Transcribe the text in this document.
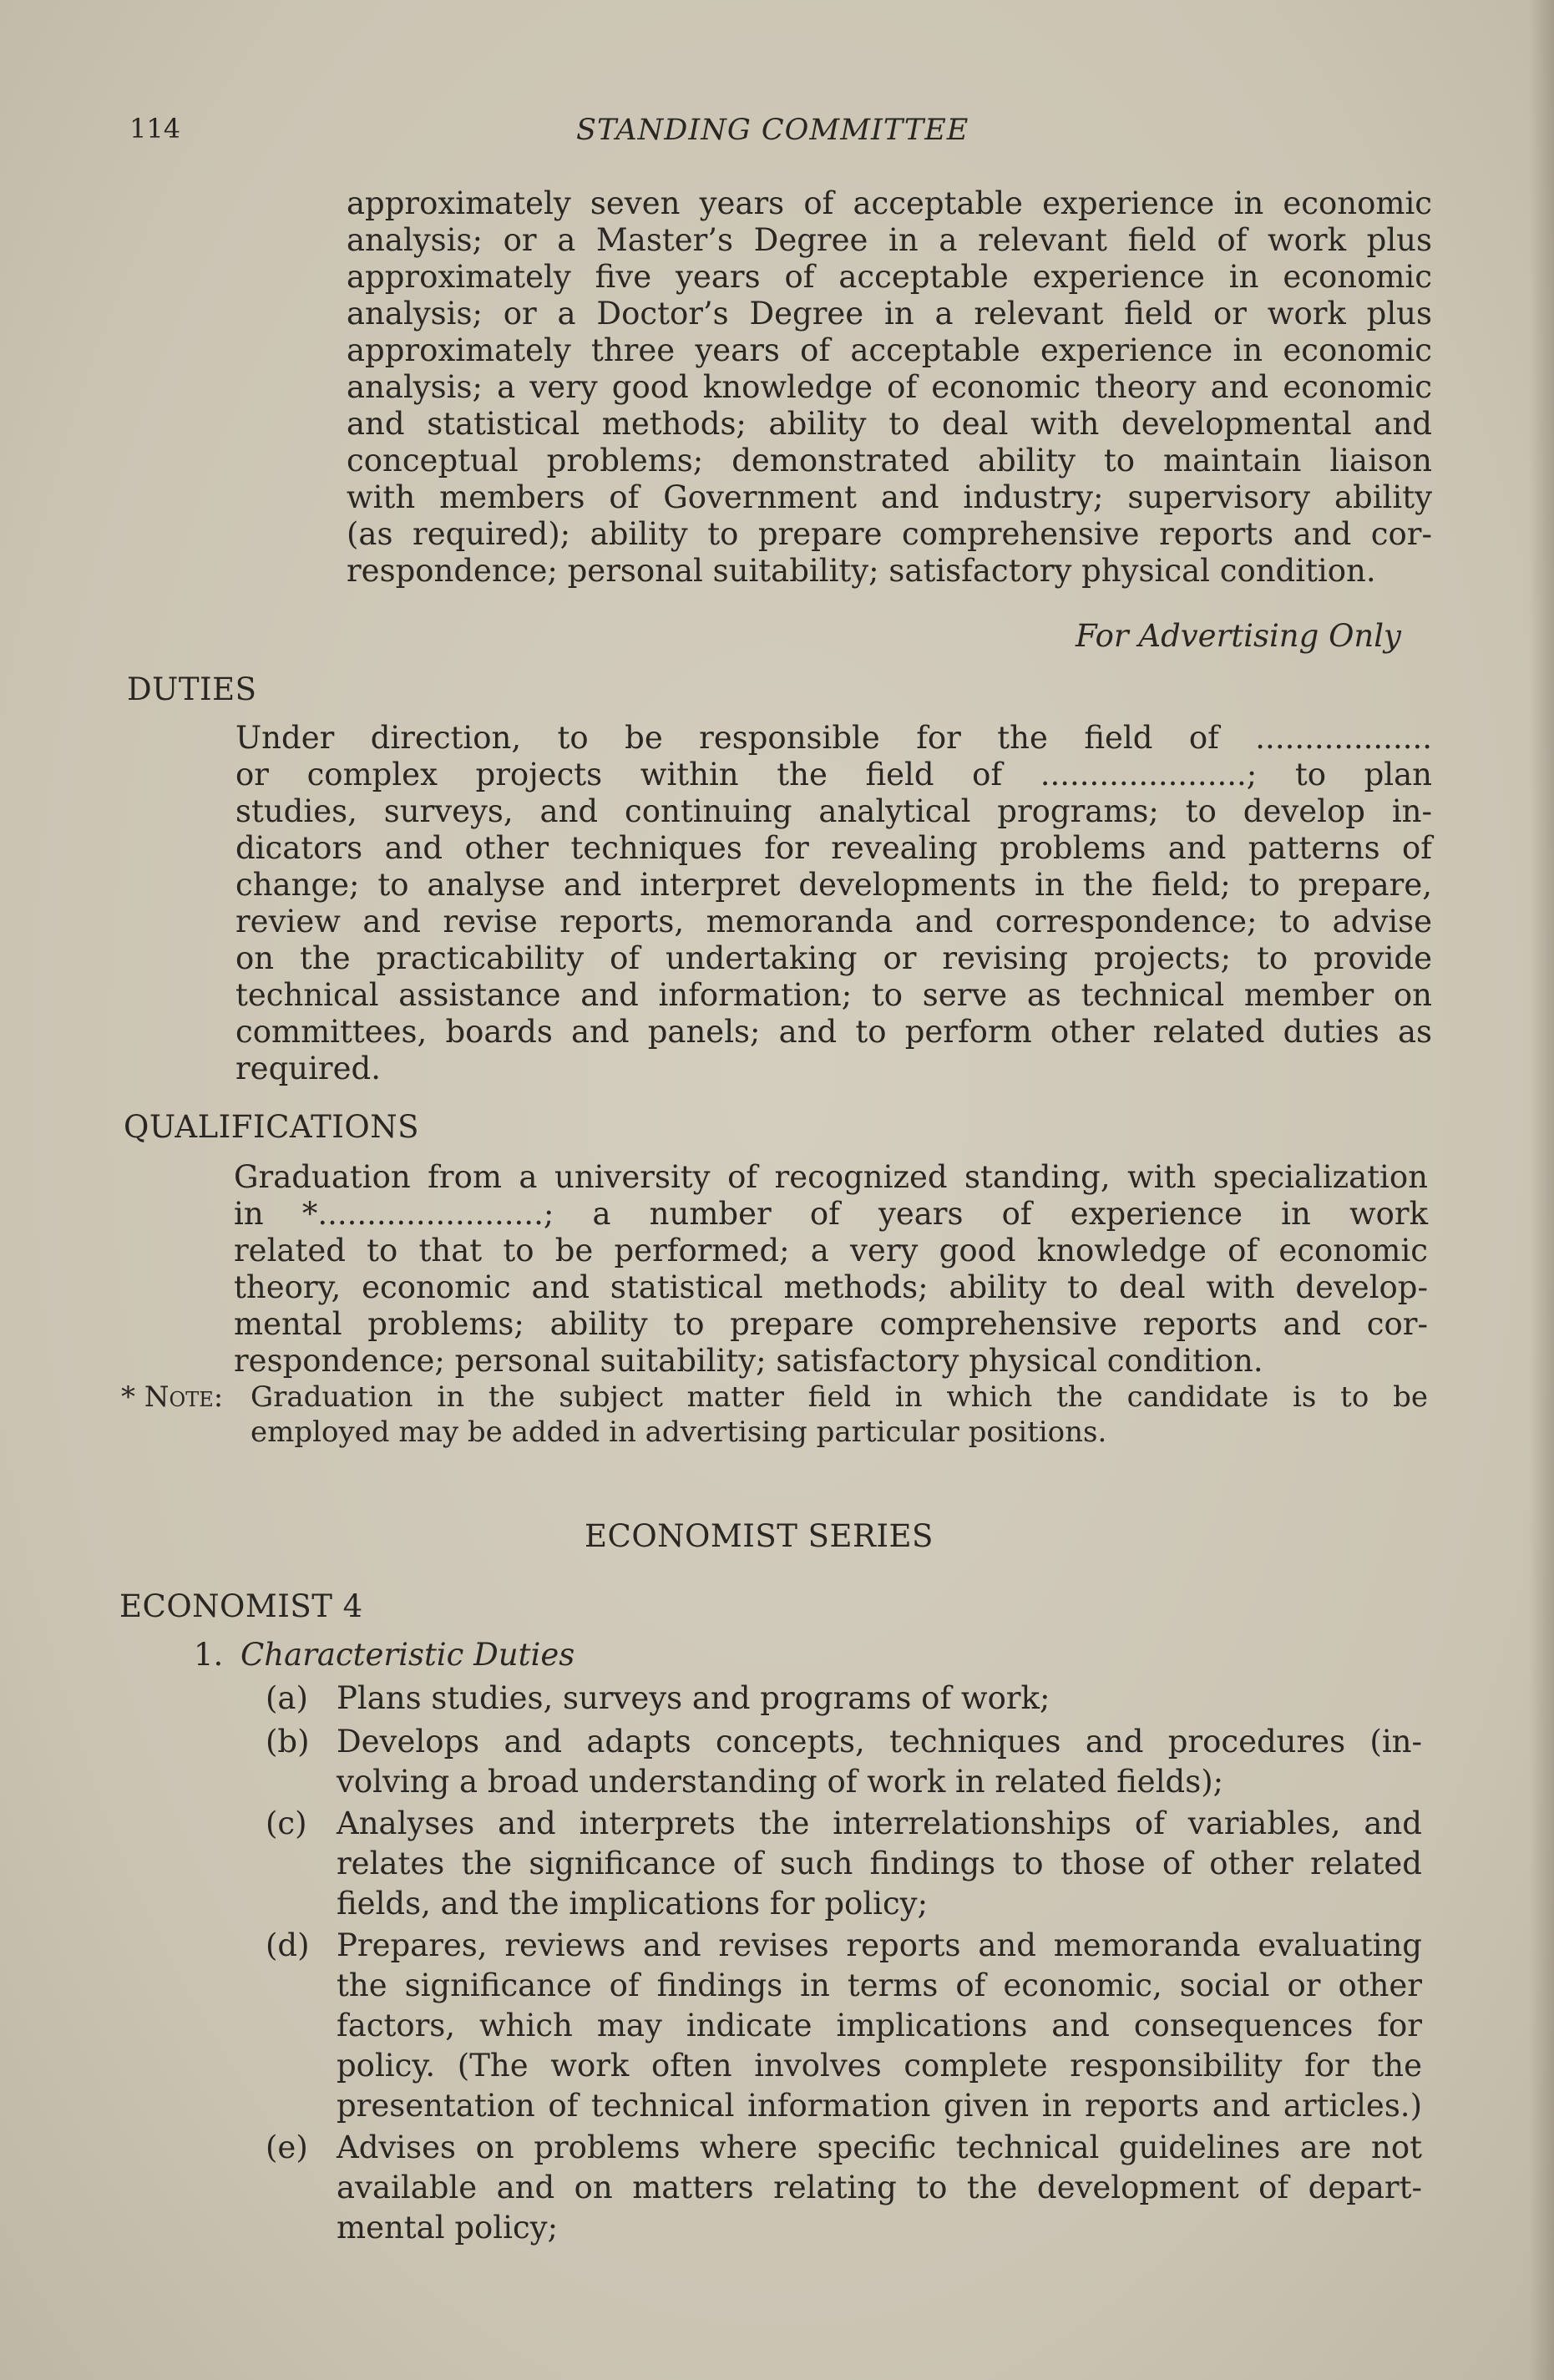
114	STANDING COMMITTEE
approximately seven years of acceptable experience in economic
analysis; or a Master’s Degree in a relevant field of work plus
approximately five years of acceptable experience in economic
analysis; or a Doctor’s Degree in a relevant field or work plus
approximately three years of acceptable experience in economic
analysis; a very good knowledge of economic theory and economic
and statistical methods; ability to deal with developmental and
conceptual problems; demonstrated ability to maintain liaison
with members of Government and industry; supervisory ability
(as required); ability to prepare comprehensive reports and cor-
respondence; personal suitability; satisfactory physical condition.
For Advertising Only
DUTIES
Under direction, to be responsible for the field of ..................
or complex projects within the field of .....................; to plan
studies, surveys, and continuing analytical programs; to develop in-
dicators and other techniques for revealing problems and patterns of
change; to analyse and interpret developments in the field; to prepare,
review and revise reports, memoranda and correspondence; to advise
on the practicability of undertaking or revising projects; to provide
technical assistance and information; to serve as technical member on
committees, boards and panels; and to perform other related duties as
required.
QUALIFICATIONS
Graduation from a university of recognized standing, with specialization
in *.......................; a number of years of experience in work
related to that to be performed; a very good knowledge of economic
theory, economic and statistical methods; ability to deal with develop-
mental problems; ability to prepare comprehensive reports and cor-
respondence; personal suitability; satisfactory physical condition.
* Note: Graduation in the subject matter field in which the candidate is to be
employed may be added in advertising particular positions.
ECONOMIST SERIES
ECONOMIST 4
1. Characteristic Duties
(a) Plans studies, surveys and programs of work;
(b) Develops and adapts concepts, techniques and procedures (in-
volving a broad understanding of work in related fields);
(c) Analyses and interprets the interrelationships of variables, and
relates the significance of such findings to those of other related
fields, and the implications for policy;
(d) Prepares, reviews and revises reports and memoranda evaluating
the significance of findings in terms of economic, social or other
factors, which may indicate implications and consequences for
policy. (The work often involves complete responsibility for the
presentation of technical information given in reports and articles.)
(e) Advises on problems where specific technical guidelines are not
available and on matters relating to the development of depart-
mental policy;
